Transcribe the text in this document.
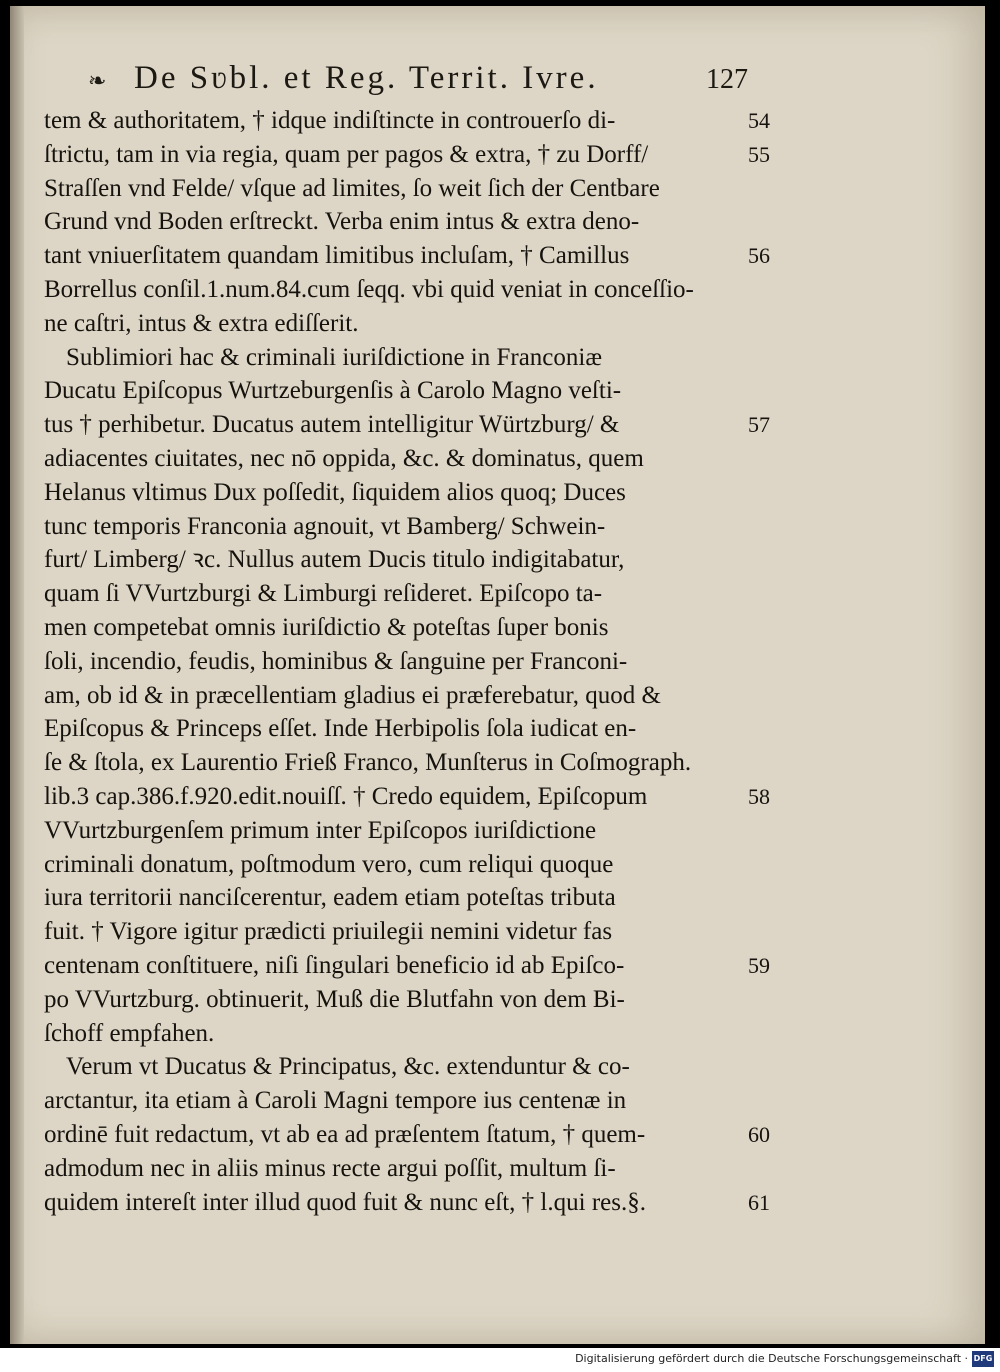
❧ De Sʋbl. et Reg. Territ. Ivre.	127
tem & authoritatem, † idque indiſtincte in controuerſo di-
ſtrictu, tam in via regia, quam per pagos & extra, † zu Dorff/
Straſſen vnd Felde/ vſque ad limites, ſo weit ſich der Centbare
Grund vnd Boden erſtreckt. Verba enim intus & extra deno-
tant vniuerſitatem quandam limitibus incluſam, † Camillus
Borrellus conſil.1.num.84.cum ſeqq. vbi quid veniat in conceſſio-
ne caſtri, intus & extra ediſſerit.
Sublimiori hac & criminali iuriſdictione in Franconiæ
Ducatu Epiſcopus Wurtzeburgenſis à Carolo Magno veſti-
tus † perhibetur. Ducatus autem intelligitur Würtzburg/ &
adiacentes ciuitates, nec nō oppida, &c. & dominatus, quem
Helanus vltimus Dux poſſedit, ſiquidem alios quoq; Duces
tunc temporis Franconia agnouit, vt Bamberg/ Schwein-
furt/ Limberg/ ꝛc. Nullus autem Ducis titulo indigitabatur,
quam ſi VVurtzburgi & Limburgi reſideret. Epiſcopo ta-
men competebat omnis iuriſdictio & poteſtas ſuper bonis
ſoli, incendio, feudis, hominibus & ſanguine per Franconi-
am, ob id & in præcellentiam gladius ei præferebatur, quod &
Epiſcopus & Princeps eſſet. Inde Herbipolis ſola iudicat en-
ſe & ſtola, ex Laurentio Frieß Franco, Munſterus in Coſmograph.
lib.3 cap.386.f.920.edit.nouiſſ. † Credo equidem, Epiſcopum
VVurtzburgenſem primum inter Epiſcopos iuriſdictione
criminali donatum, poſtmodum vero, cum reliqui quoque
iura territorii nanciſcerentur, eadem etiam poteſtas tributa
fuit. † Vigore igitur prædicti priuilegii nemini videtur fas
centenam conſtituere, niſi ſingulari beneficio id ab Epiſco-
po VVurtzburg. obtinuerit, Muß die Blutfahn von dem Bi-
ſchoff empfahen.
Verum vt Ducatus & Principatus, &c. extenduntur & co-
arctantur, ita etiam à Caroli Magni tempore ius centenæ in
ordinē fuit redactum, vt ab ea ad præſentem ſtatum, † quem-
admodum nec in aliis minus recte argui poſſit, multum ſi-
quidem intereſt inter illud quod fuit & nunc eſt, † l.qui res.§.
54
55
56
57
58
59
60
61
Digitalisierung gefördert durch die Deutsche Forschungsgemeinschaft · DFG
